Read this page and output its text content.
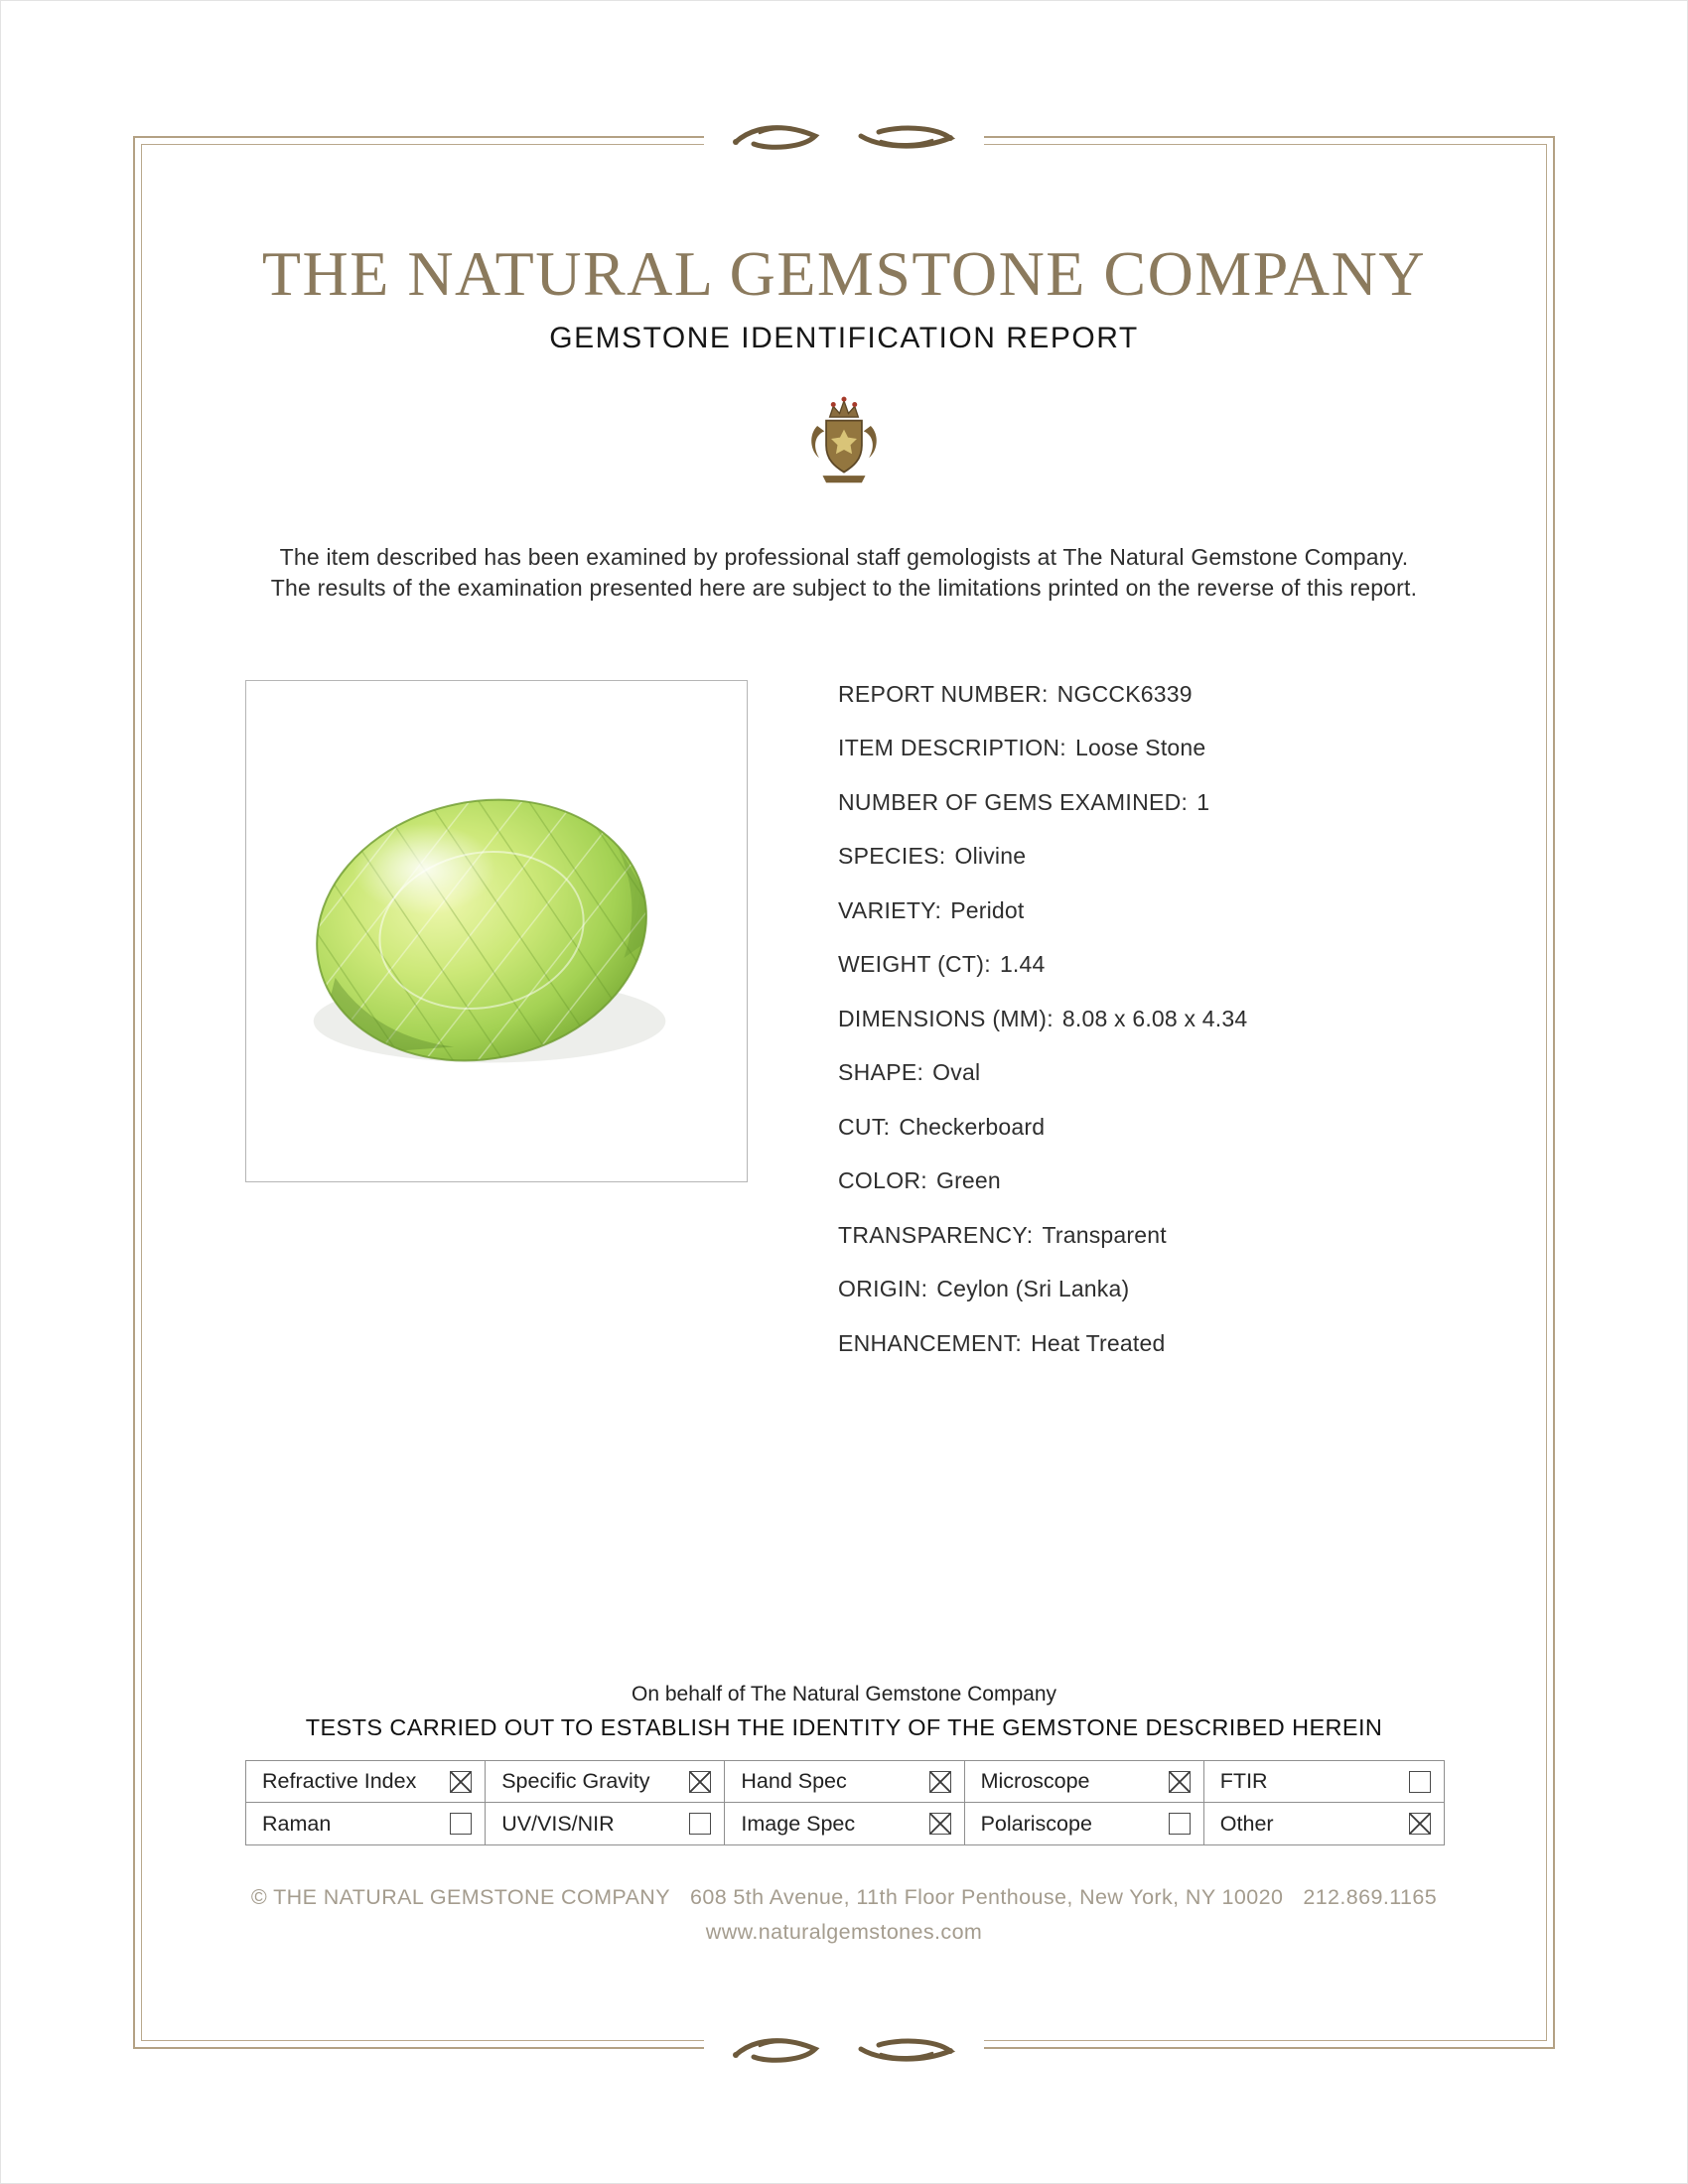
THE NATURAL GEMSTONE COMPANY
GEMSTONE IDENTIFICATION REPORT
The item described has been examined by professional staff gemologists at The Natural Gemstone Company.
The results of the examination presented here are subject to the limitations printed on the reverse of this report.
REPORT NUMBER: NGCCK6339
ITEM DESCRIPTION: Loose Stone
NUMBER OF GEMS EXAMINED: 1
SPECIES: Olivine
VARIETY: Peridot
WEIGHT (CT): 1.44
DIMENSIONS (MM): 8.08 x 6.08 x 4.34
SHAPE: Oval
CUT: Checkerboard
COLOR: Green
TRANSPARENCY: Transparent
ORIGIN: Ceylon (Sri Lanka)
ENHANCEMENT: Heat Treated
On behalf of The Natural Gemstone Company
TESTS CARRIED OUT TO ESTABLISH THE IDENTITY OF THE GEMSTONE DESCRIBED HEREIN
Refractive Index	Specific Gravity	Hand Spec	Microscope	FTIR
Raman	UV/VIS/NIR	Image Spec	Polariscope	Other
© THE NATURAL GEMSTONE COMPANY 608 5th Avenue, 11th Floor Penthouse, New York, NY 10020 212.869.1165
www.naturalgemstones.com
